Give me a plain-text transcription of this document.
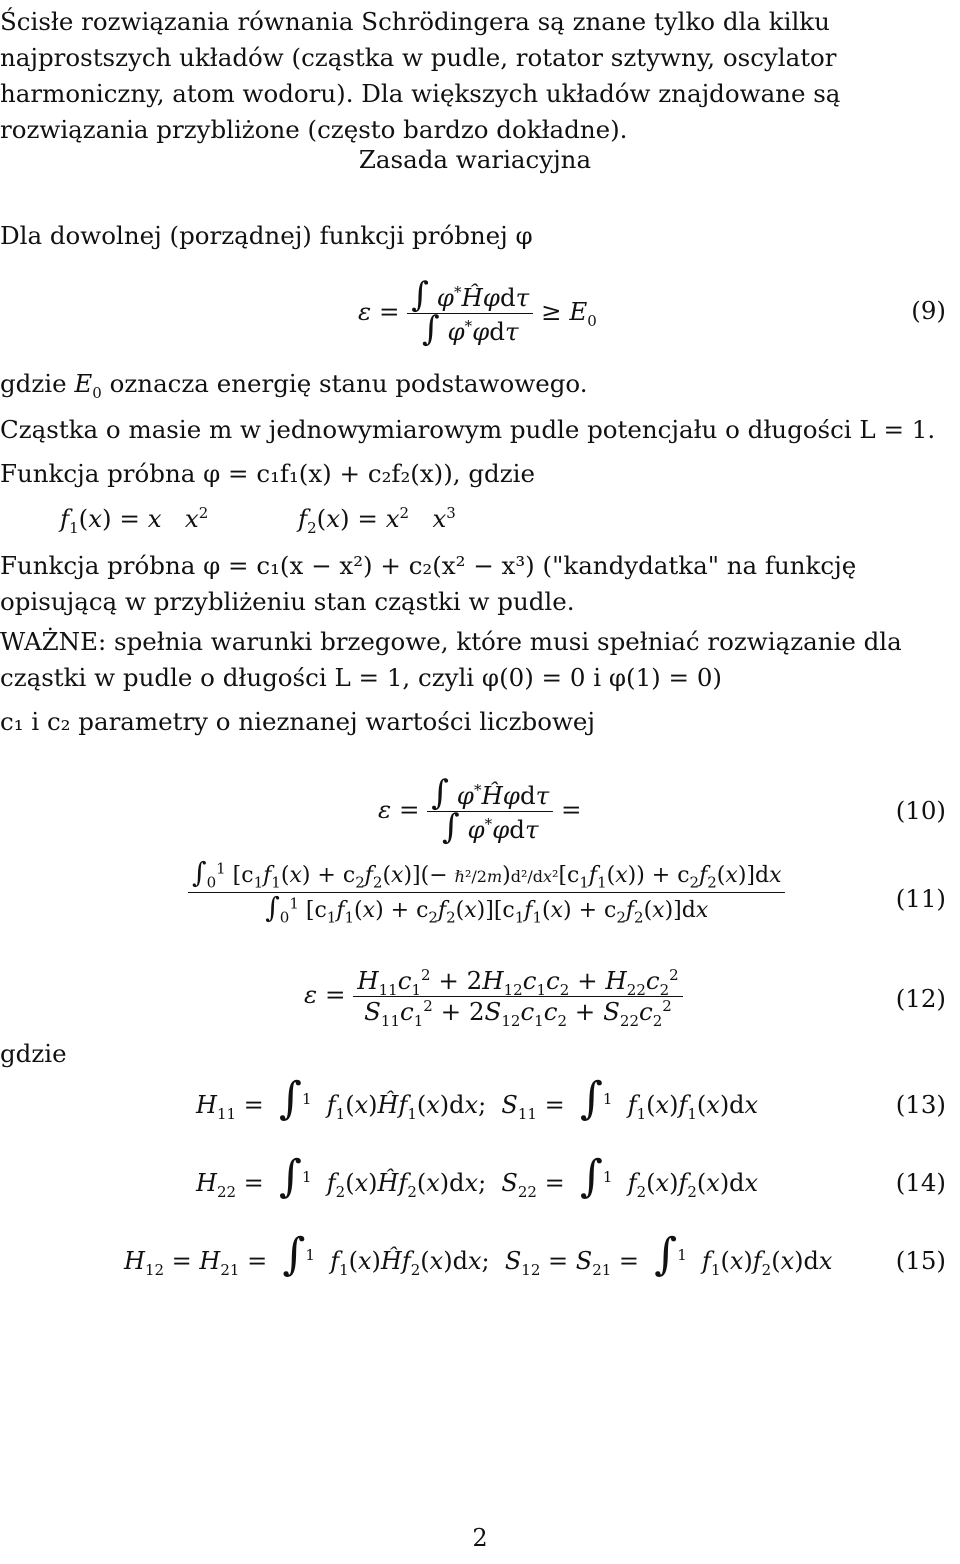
Ścisłe rozwiązania równania Schrödingera są znane tylko dla kilku najprostszych układów (cząstka w pudle, rotator sztywny, oscylator harmoniczny, atom wodoru). Dla większych układów znajdowane są rozwiązania przybliżone (często bardzo dokładne).

Zasada wariacyjna
Dla dowolnej (porządnej) funkcji próbnej φ
$\varepsilon = \frac{\int \varphi^*Ĥ\varphi d\tau}{\int \varphi^*\varphi d\tau} \ge E_0$	(9)
gdzie $E_0$ oznacza energię stanu podstawowego.
Cząstka o masie m w jednowymiarowym pudle potencjału o długości L = 1.
Funkcja próbna φ = c₁f₁(x) + c₂f₂(x)), gdzie
$f_1(x) = x$ $x^2$	$f_2(x) = x^2$ $x^3$
Funkcja próbna φ = c₁(x − x²) + c₂(x² − x³) ("kandydatka" na funkcję opisującą w przybliżeniu stan cząstki w pudle.
WAŻNE: spełnia warunki brzegowe, które musi spełniać rozwiązanie dla cząstki w pudle o długości L = 1, czyli φ(0) = 0 i φ(1) = 0)
c₁ i c₂ parametry o nieznanej wartości liczbowej
$\varepsilon = \frac{\int \varphi^*Ĥ\varphi d\tau}{\int \varphi^*\varphi d\tau}$ =	(10)
$\frac{\int_0^1 [c_1f_1(x) + c_2f_2(x)](- \hbar^2/2m)d^2/dx^2[c_1f_1(x)) + c_2f_2(x)]dx}{\int_0^1 [c_1f_1(x) + c_2f_2(x)][c_1f_1(x) + c_2f_2(x)]dx}$	(11)
$\varepsilon = \frac{H_{11}c_1^2 + 2H_{12}c_1c_2 + H_{22}c_2^2}{S_{11}c_1^2 + 2S_{12}c_1c_2 + S_{22}c_2^2}$	(12)
gdzie
$H_{11} = \int^1$ $f_1(x)Ĥf_1(x)dx$;  $S_{11} = \int^1$ $f_1(x)f_1(x)dx$	(13)
$H_{22} = \int^1$ $f_2(x)Ĥf_2(x)dx$;  $S_{22} = \int^1$ $f_2(x)f_2(x)dx$	(14)
$H_{12} = H_{21} = \int^1$ $f_1(x)Ĥf_2(x)dx$;  $S_{12} = S_{21} = \int^1$ $f_1(x)f_2(x)dx$	(15)
2
